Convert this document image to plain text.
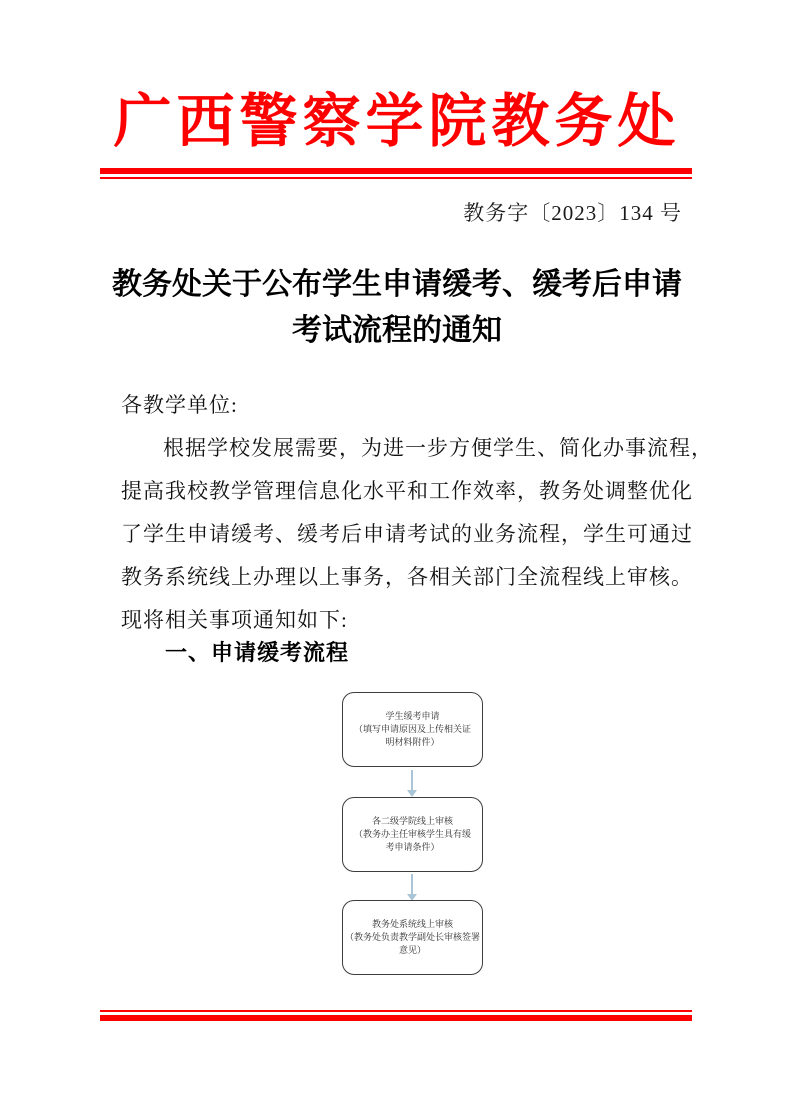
广西警察学院教务处
教务字〔2023〕134 号
教务处关于公布学生申请缓考、缓考后申请
考试流程的通知
各教学单位:
根据学校发展需要，为进一步方便学生、简化办事流程，
提高我校教学管理信息化水平和工作效率，教务处调整优化
了学生申请缓考、缓考后申请考试的业务流程，学生可通过
教务系统线上办理以上事务，各相关部门全流程线上审核。
现将相关事项通知如下:
一、申请缓考流程
学生缓考申请
（填写申请原因及上传相关证
明材料附件）
各二级学院线上审核
（教务办主任审核学生具有缓
考申请条件）
教务处系统线上审核
（教务处负责教学副处长审核签署
意见）
